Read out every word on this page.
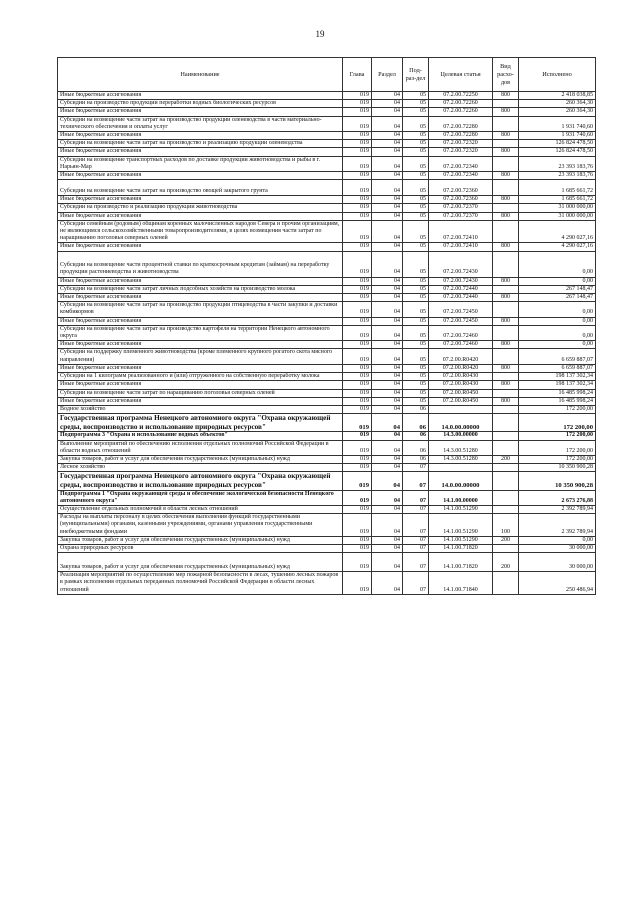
19
Наименование	Глава	Раздел	Под-раз-дел	Целевая статья	Вид расхо-дов	Исполнено
Иные бюджетные ассигнования	019	04	05	07.2.00.72250	800	2 418 038,85
Субсидии на производство продукции переработки водных биологических ресурсов	019	04	05	07.2.00.72260		260 364,30
Иные бюджетные ассигнования	019	04	05	07.2.00.72260	800	260 364,30
Субсидии на возмещение части затрат на производство продукции оленеводства в части материально-технического обеспечения и оплаты услуг	019	04	05	07.2.00.72280		1 931 740,60
Иные бюджетные ассигнования	019	04	05	07.2.00.72280	800	1 931 740,60
Субсидии на возмещение части затрат на производство и реализацию продукции оленеводства	019	04	05	07.2.00.72320		126 824 478,50
Иные бюджетные ассигнования	019	04	05	07.2.00.72320	800	126 824 478,50
Субсидии на возмещение транспортных расходов по доставке продукции животноводства и рыбы в г. Нарьян-Мар	019	04	05	07.2.00.72340		23 393 183,76
Иные бюджетные ассигнования	019	04	05	07.2.00.72340	800	23 393 183,76
Субсидии на возмещение части затрат на производство овощей закрытого грунта	019	04	05	07.2.00.72360		1 685 661,72
Иные бюджетные ассигнования	019	04	05	07.2.00.72360	800	1 685 661,72
Субсидии на производство и реализацию продукции животноводства	019	04	05	07.2.00.72370		31 000 000,00
Иные бюджетные ассигнования	019	04	05	07.2.00.72370	800	31 000 000,00
Субсидии семейным (родовым) общинам коренных малочисленных народов Севера и прочим организациям, не являющимся сельскохозяйственными товаропроизводителями, в целях возмещения части затрат по наращиванию поголовья северных оленей	019	04	05	07.2.00.72410		4 290 027,16
Иные бюджетные ассигнования	019	04	05	07.2.00.72410	800	4 290 027,16
Субсидии на возмещение части процентной ставки по краткосрочным кредитам (займам) на переработку продукции растениеводства и животноводства	019	04	05	07.2.00.72430		0,00
Иные бюджетные ассигнования	019	04	05	07.2.00.72430	800	0,00
Субсидии на возмещение части затрат личных подсобных хозяйств на производство молока	019	04	05	07.2.00.72440		267 148,47
Иные бюджетные ассигнования	019	04	05	07.2.00.72440	800	267 148,47
Субсидии на возмещение части затрат на производство продукции птицеводства в части закупки и доставки комбикормов	019	04	05	07.2.00.72450		0,00
Иные бюджетные ассигнования	019	04	05	07.2.00.72450	800	0,00
Субсидии на возмещение части затрат на производство картофеля на территории Ненецкого автономного округа	019	04	05	07.2.00.72460		0,00
Иные бюджетные ассигнования	019	04	05	07.2.00.72460	800	0,00
Субсидии на поддержку племенного животноводства (кроме племенного крупного рогатого скота мясного направления)	019	04	05	07.2.00.R0420		6 659 887,07
Иные бюджетные ассигнования	019	04	05	07.2.00.R0420	800	6 659 887,07
Субсидии на 1 килограмм реализованного и (или) отгруженного на собственную переработку молока	019	04	05	07.2.00.R0430		198 137 302,34
Иные бюджетные ассигнования	019	04	05	07.2.00.R0430	800	198 137 302,34
Субсидии на возмещение части затрат по наращиванию поголовья северных оленей	019	04	05	07.2.00.R0450		16 485 998,24
Иные бюджетные ассигнования	019	04	05	07.2.00.R0450	800	16 485 998,24
Водное хозяйство	019	04	06			172 200,00
Государственная программа Ненецкого автономного округа "Охрана окружающей среды, воспроизводство и использование природных ресурсов"	019	04	06	14.0.00.00000		172 200,00
Подпрограмма 3 "Охрана и использование водных объектов"	019	04	06	14.3.00.00000		172 200,00
Выполнение мероприятий по обеспечению исполнения отдельных полномочий Российской Федерации в области водных отношений	019	04	06	14.3.00.51280		172 200,00
Закупка товаров, работ и услуг для обеспечения государственных (муниципальных) нужд	019	04	06	14.3.00.51280	200	172 200,00
Лесное хозяйство	019	04	07			10 350 900,28
Государственная программа Ненецкого автономного округа "Охрана окружающей среды, воспроизводство и использование природных ресурсов"	019	04	07	14.0.00.00000		10 350 900,28
Подпрограмма 1 "Охрана окружающей среды и обеспечение экологической безопасности Ненецкого автономного округа"	019	04	07	14.1.00.00000		2 673 276,88
Осуществление отдельных полномочий в области лесных отношений	019	04	07	14.1.00.51290		2 392 789,94
Расходы на выплаты персоналу в целях обеспечения выполнения функций государственными (муниципальными) органами, казенными учреждениями, органами управления государственными внебюджетными фондами	019	04	07	14.1.00.51290	100	2 392 789,94
Закупка товаров, работ и услуг для обеспечения государственных (муниципальных) нужд	019	04	07	14.1.00.51290	200	0,00
Охрана природных ресурсов	019	04	07	14.1.00.71820		30 000,00
Закупка товаров, работ и услуг для обеспечения государственных (муниципальных) нужд	019	04	07	14.1.00.71820	200	30 000,00
Реализация мероприятий по осуществлению мер пожарной безопасности в лесах, тушению лесных пожаров в рамках исполнения отдельных переданных полномочий Российской Федерации в области лесных отношений	019	04	07	14.1.00.71840		250 486,94
